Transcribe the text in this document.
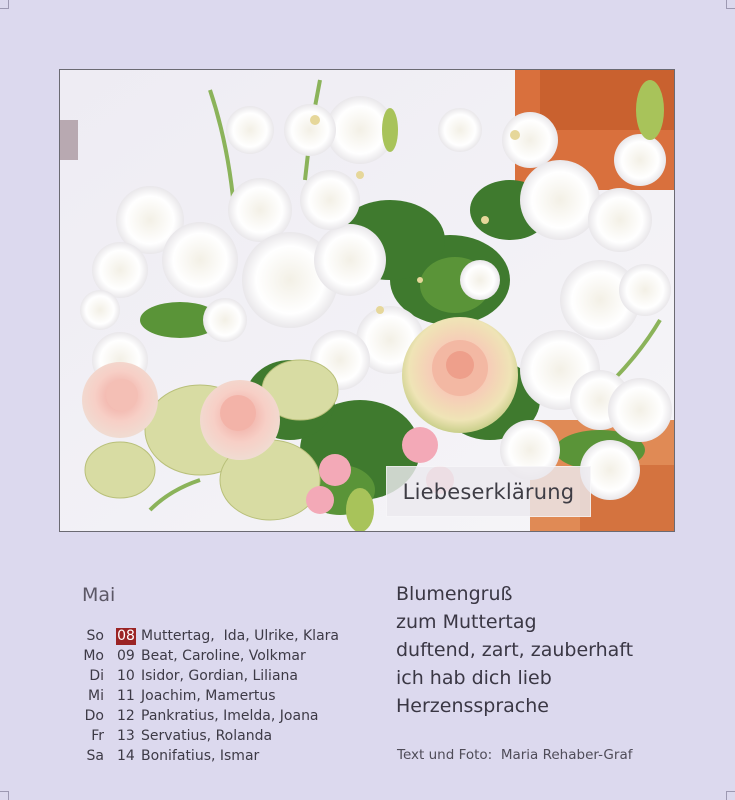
Liebeserklärung
Mai
So 08 Muttertag,  Ida, Ulrike, Klara
Mo 09 Beat, Caroline, Volkmar
Di 10 Isidor, Gordian, Liliana
Mi 11 Joachim, Mamertus
Do 12 Pankratius, Imelda, Joana
Fr 13 Servatius, Rolanda
Sa 14 Bonifatius, Ismar
Blumengruß
zum Muttertag
duftend, zart, zauberhaft
ich hab dich lieb
Herzenssprache
Text und Foto: Maria Rehaber-Graf
